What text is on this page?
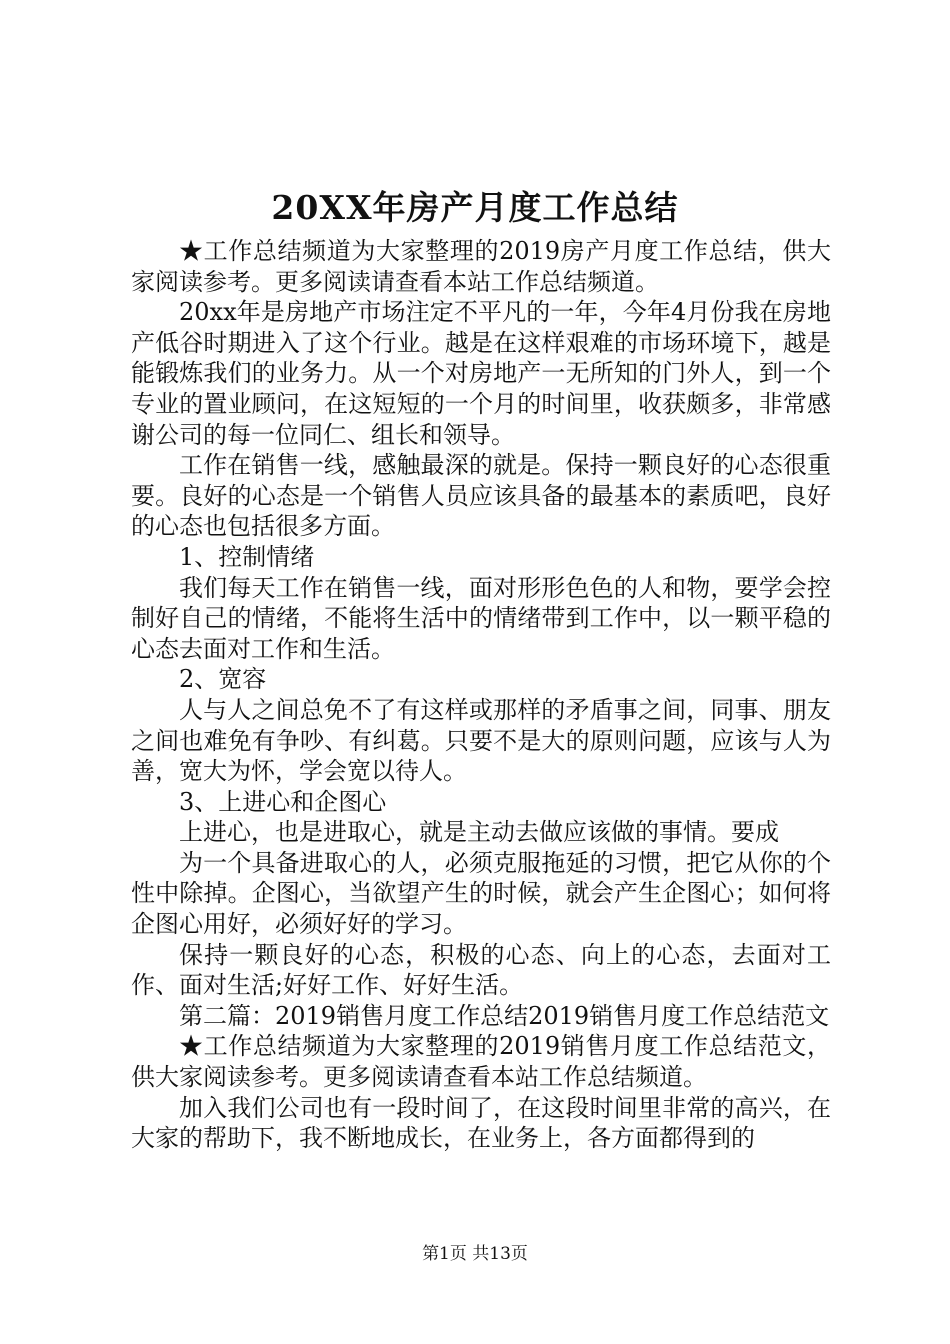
20XX年房产月度工作总结

★工作总结频道为大家整理的2019房产月度工作总结，供大家阅读参考。更多阅读请查看本站工作总结频道。

20xx年是房地产市场注定不平凡的一年，今年4月份我在房地产低谷时期进入了这个行业。越是在这样艰难的市场环境下，越是能锻炼我们的业务力。从一个对房地产一无所知的门外人，到一个专业的置业顾问，在这短短的一个月的时间里，收获颇多，非常感谢公司的每一位同仁、组长和领导。

工作在销售一线，感触最深的就是。保持一颗良好的心态很重要。良好的心态是一个销售人员应该具备的最基本的素质吧，良好的心态也包括很多方面。

1、控制情绪

我们每天工作在销售一线，面对形形色色的人和物，要学会控制好自己的情绪，不能将生活中的情绪带到工作中，以一颗平稳的心态去面对工作和生活。

2、宽容

人与人之间总免不了有这样或那样的矛盾事之间，同事、朋友之间也难免有争吵、有纠葛。只要不是大的原则问题，应该与人为善，宽大为怀，学会宽以待人。

3、上进心和企图心

上进心，也是进取心，就是主动去做应该做的事情。要成

为一个具备进取心的人，必须克服拖延的习惯，把它从你的个性中除掉。企图心，当欲望产生的时候，就会产生企图心；如何将企图心用好，必须好好的学习。

保持一颗良好的心态，积极的心态、向上的心态，去面对工作、面对生活;好好工作、好好生活。

第二篇：2019销售月度工作总结2019销售月度工作总结范文

★工作总结频道为大家整理的2019销售月度工作总结范文，供大家阅读参考。更多阅读请查看本站工作总结频道。

加入我们公司也有一段时间了，在这段时间里非常的高兴，在大家的帮助下，我不断地成长，在业务上，各方面都得到的

第1页 共13页
